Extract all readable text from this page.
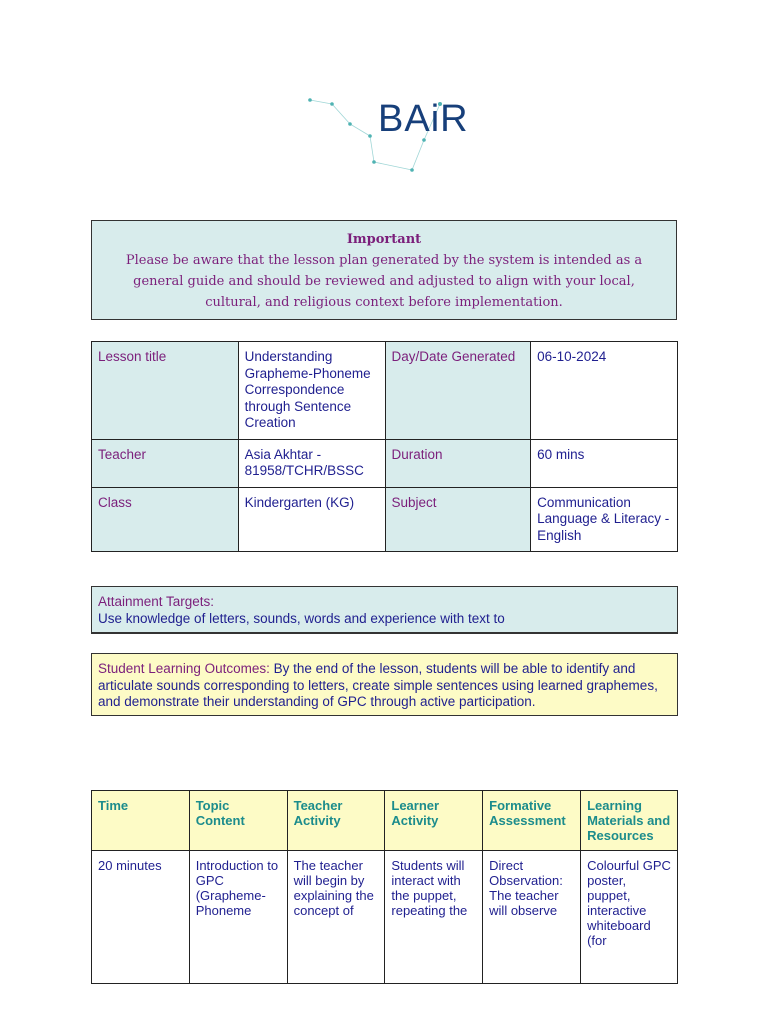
BAiR
Important
Please be aware that the lesson plan generated by the system is intended as a general guide and should be reviewed and adjusted to align with your local, cultural, and religious context before implementation.
Lesson title	Understanding Grapheme-Phoneme Correspondence through Sentence Creation	Day/Date Generated	06-10-2024
Teacher	Asia Akhtar - 81958/TCHR/BSSC	Duration	60 mins
Class	Kindergarten (KG)	Subject	Communication Language & Literacy - English
Attainment Targets:
Use knowledge of letters, sounds, words and experience with text to
Student Learning Outcomes: By the end of the lesson, students will be able to identify and articulate sounds corresponding to letters, create simple sentences using learned graphemes, and demonstrate their understanding of GPC through active participation.
Time	Topic Content	Teacher Activity	Learner Activity	Formative Assessment	Learning Materials and Resources

20 minutes	Introduction to GPC (Grapheme-Phoneme	The teacher will begin by explaining the concept of	Students will interact with the puppet, repeating the	Direct Observation: The teacher will observe	Colourful GPC poster, puppet, interactive whiteboard (for
